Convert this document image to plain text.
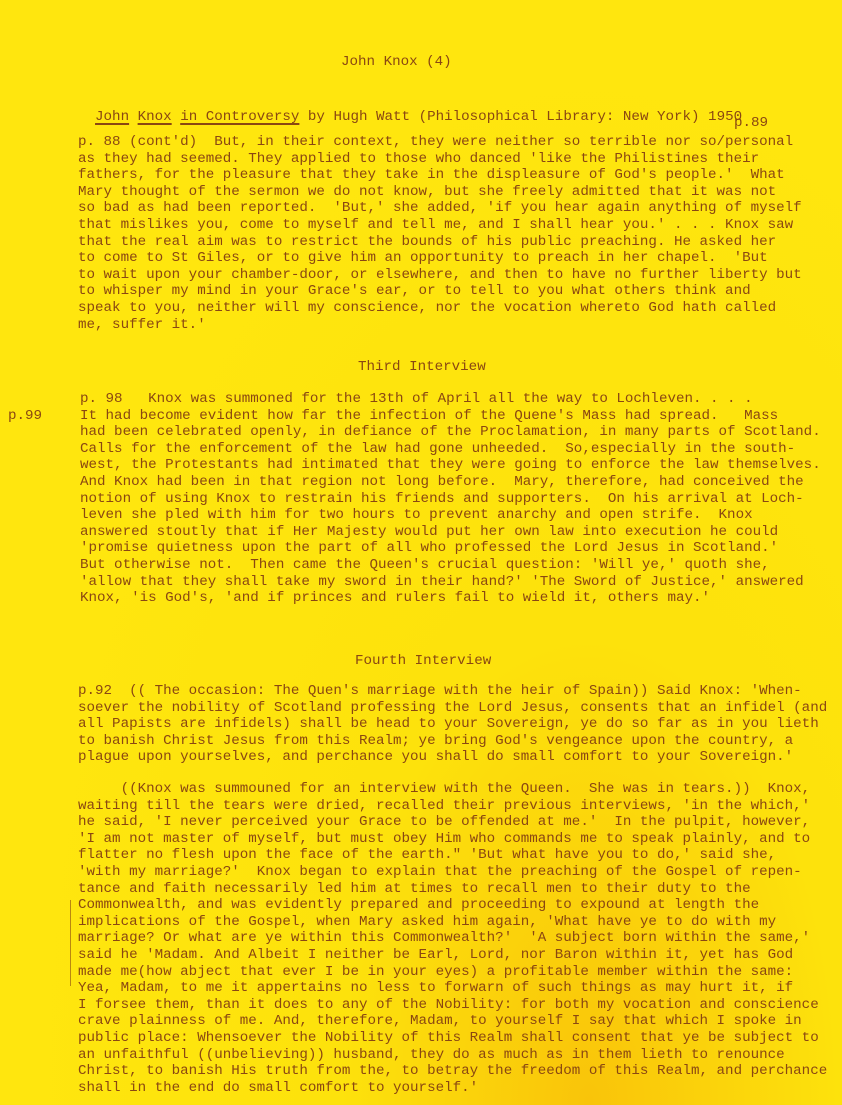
John Knox (4)

John Knox in Controversy by Hugh Watt (Philosophical Library: New York) 1950

p.89
p. 88 (cont'd)  But, in their context, they were neither so terrible nor so/personal
as they had seemed. They applied to those who danced 'like the Philistines their
fathers, for the pleasure that they take in the displeasure of God's people.'  What
Mary thought of the sermon we do not know, but she freely admitted that it was not
so bad as had been reported.  'But,' she added, 'if you hear again anything of myself
that mislikes you, come to myself and tell me, and I shall hear you.' . . . Knox saw
that the real aim was to restrict the bounds of his public preaching. He asked her
to come to St Giles, or to give him an opportunity to preach in her chapel.  'But
to wait upon your chamber-door, or elsewhere, and then to have no further liberty but
to whisper my mind in your Grace's ear, or to tell to you what others think and
speak to you, neither will my conscience, nor the vocation whereto God hath called
me, suffer it.'
Third Interview
p.99
p. 98   Knox was summoned for the 13th of April all the way to Lochleven. . . .
It had become evident how far the infection of the Quene's Mass had spread.   Mass
had been celebrated openly, in defiance of the Proclamation, in many parts of Scotland.
Calls for the enforcement of the law had gone unheeded.  So,especially in the south-
west, the Protestants had intimated that they were going to enforce the law themselves.
And Knox had been in that region not long before.  Mary, therefore, had conceived the
notion of using Knox to restrain his friends and supporters.  On his arrival at Loch-
leven she pled with him for two hours to prevent anarchy and open strife.  Knox
answered stoutly that if Her Majesty would put her own law into execution he could
'promise quietness upon the part of all who professed the Lord Jesus in Scotland.'
But otherwise not.  Then came the Queen's crucial question: 'Will ye,' quoth she,
'allow that they shall take my sword in their hand?' 'The Sword of Justice,' answered
Knox, 'is God's, 'and if princes and rulers fail to wield it, others may.'
Fourth Interview
p.92  (( The occasion: The Quen's marriage with the heir of Spain)) Said Knox: 'When-
soever the nobility of Scotland professing the Lord Jesus, consents that an infidel (and
all Papists are infidels) shall be head to your Sovereign, ye do so far as in you lieth
to banish Christ Jesus from this Realm; ye bring God's vengeance upon the country, a
plague upon yourselves, and perchance you shall do small comfort to your Sovereign.'
((Knox was summouned for an interview with the Queen.  She was in tears.))  Knox,
waiting till the tears were dried, recalled their previous interviews, 'in the which,'
he said, 'I never perceived your Grace to be offended at me.'  In the pulpit, however,
'I am not master of myself, but must obey Him who commands me to speak plainly, and to
flatter no flesh upon the face of the earth." 'But what have you to do,' said she,
'with my marriage?'  Knox began to explain that the preaching of the Gospel of repen-
tance and faith necessarily led him at times to recall men to their duty to the
Commonwealth, and was evidently prepared and proceeding to expound at length the
implications of the Gospel, when Mary asked him again, 'What have ye to do with my
marriage? Or what are ye within this Commonwealth?'  'A subject born within the same,'
said he 'Madam. And Albeit I neither be Earl, Lord, nor Baron within it, yet has God
made me(how abject that ever I be in your eyes) a profitable member within the same:
Yea, Madam, to me it appertains no less to forwarn of such things as may hurt it, if
I forsee them, than it does to any of the Nobility: for both my vocation and conscience
crave plainness of me. And, therefore, Madam, to yourself I say that which I spoke in
public place: Whensoever the Nobility of this Realm shall consent that ye be subject to
an unfaithful ((unbelieving)) husband, they do as much as in them lieth to renounce
Christ, to banish His truth from the, to betray the freedom of this Realm, and perchance
shall in the end do small comfort to yourself.'
